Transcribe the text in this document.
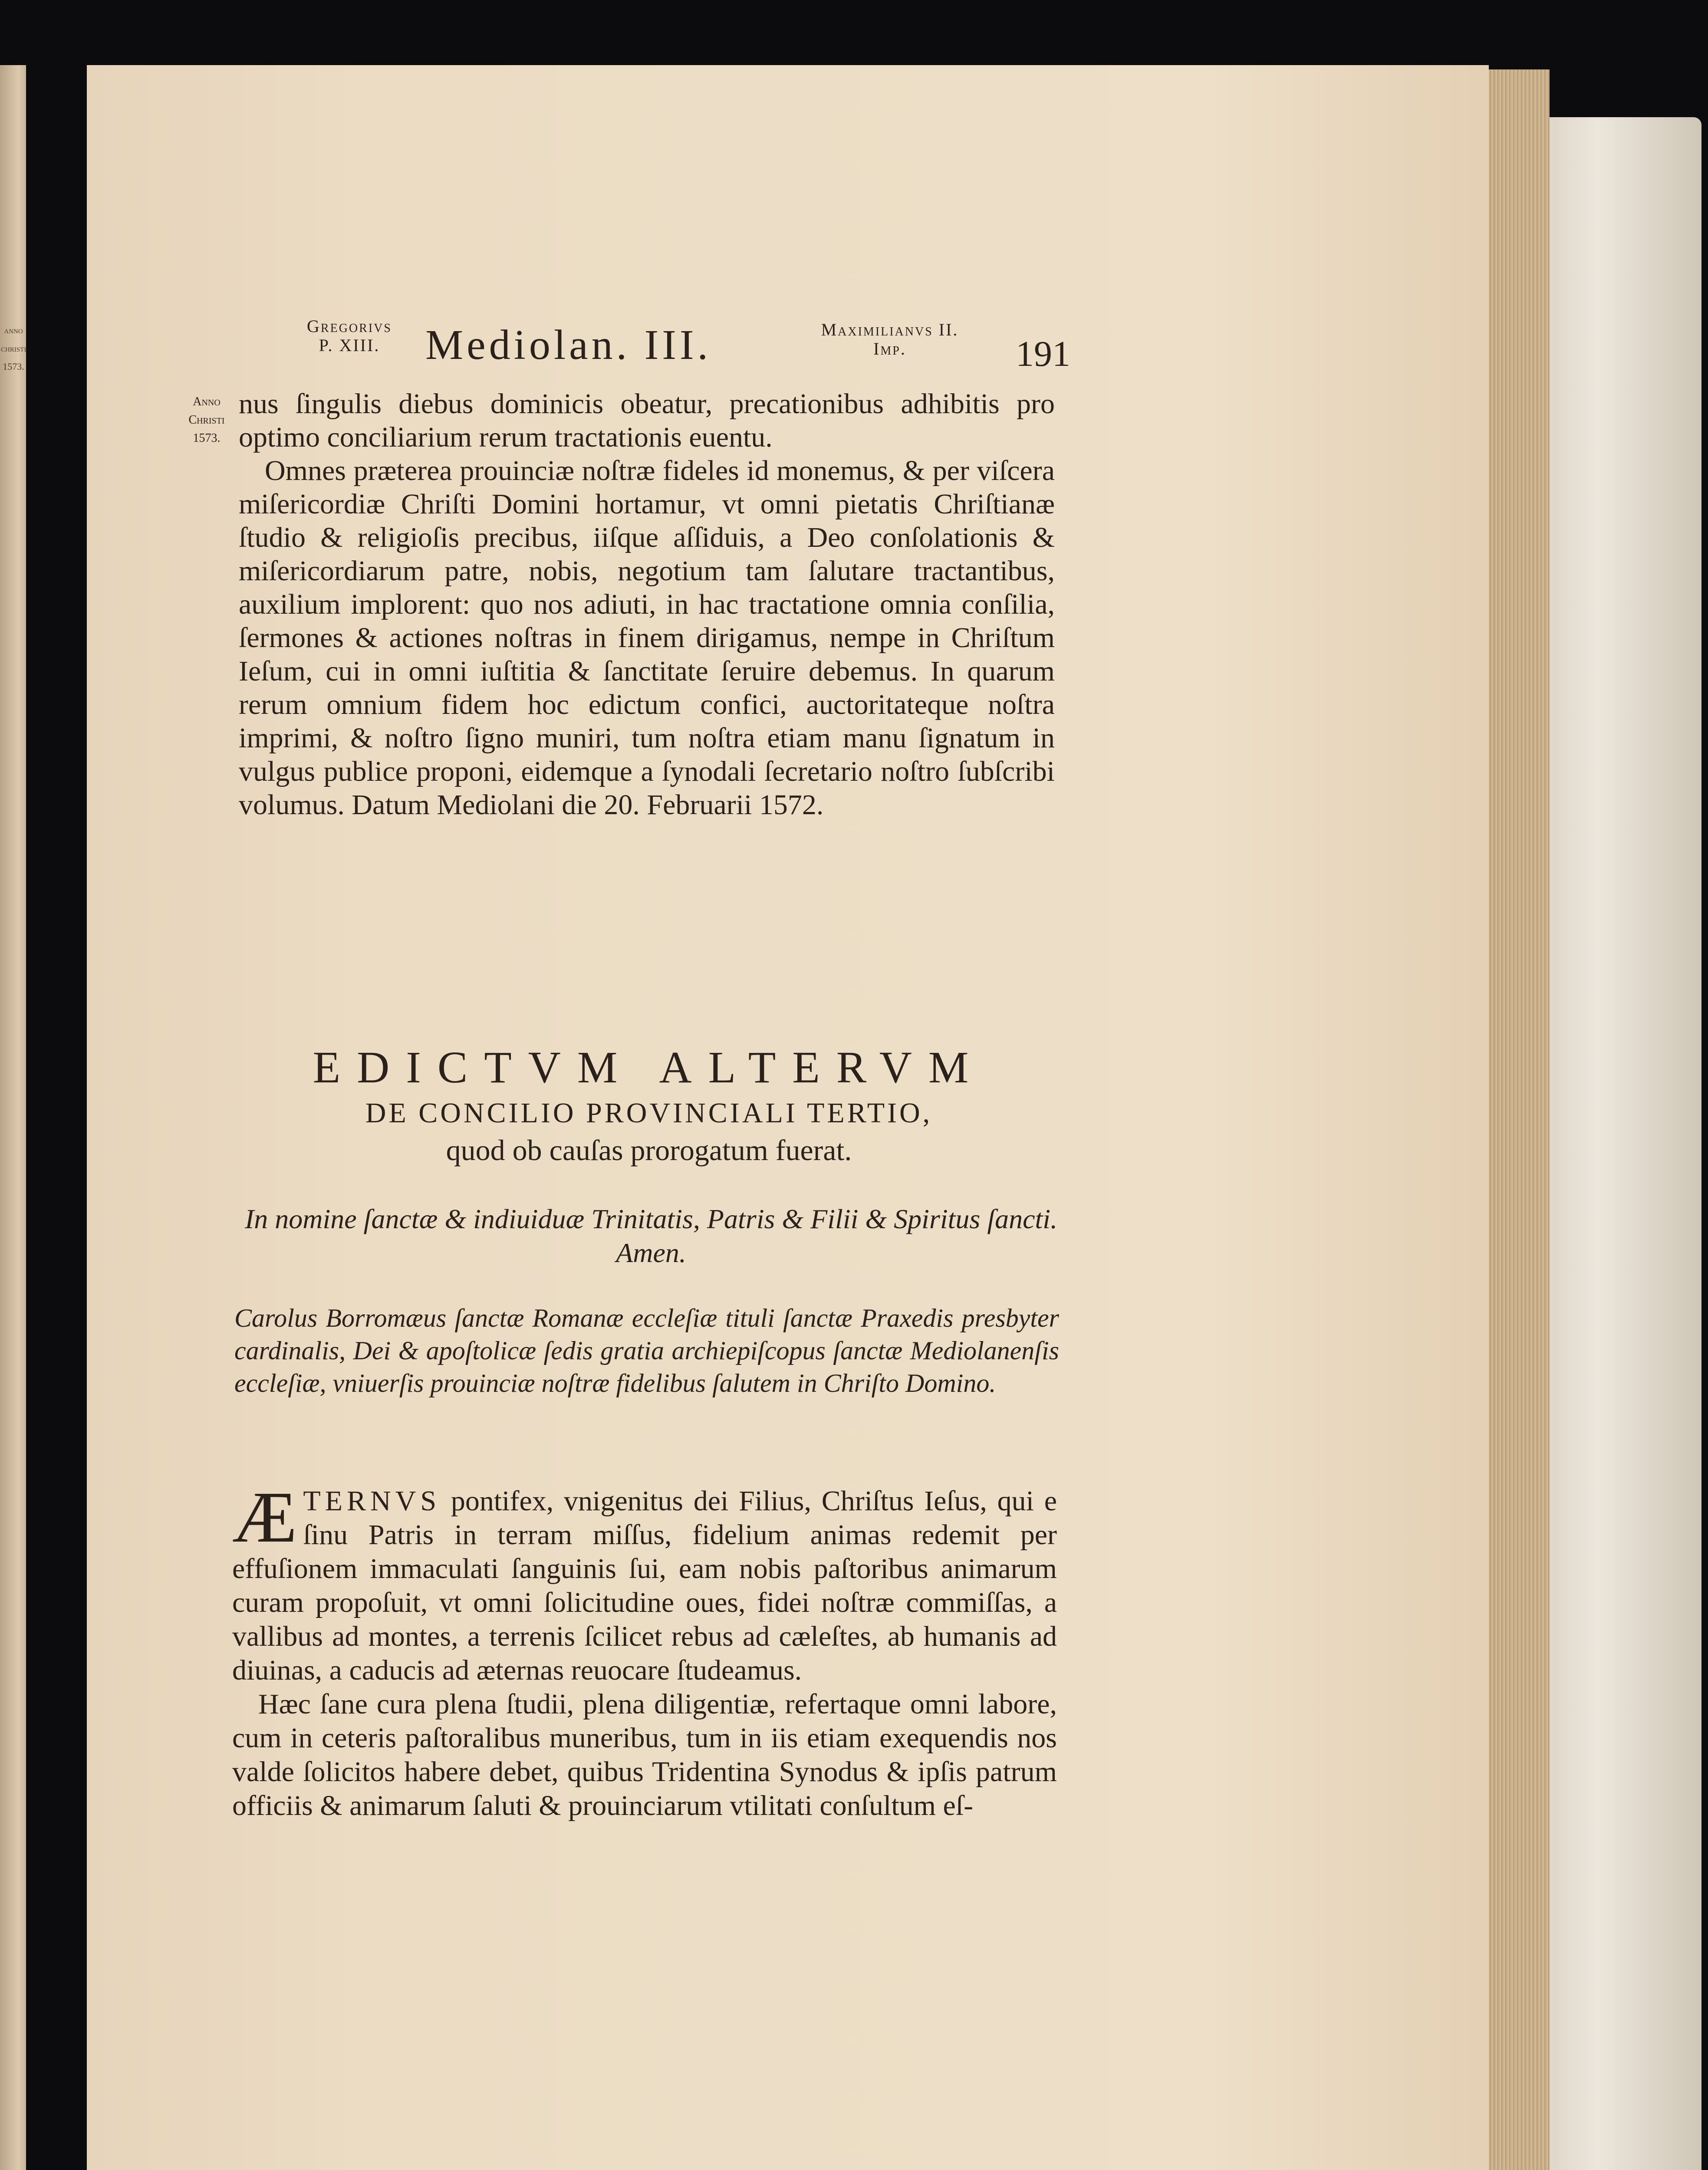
anno
christi
1573.
Gregorivs
P. XIII.	Mediolan. III.	Maximilianvs II.
Imp.	191
Anno
Christi
1573.

nus ſingulis diebus dominicis obeatur, precationibus adhibitis pro optimo conciliarium rerum tractationis euentu.

Omnes præterea prouinciæ noſtræ fideles id monemus, & per viſcera miſericordiæ Chriſti Domini hortamur, vt omni pietatis Chriſtianæ ſtudio & religioſis precibus, iiſque aſſiduis, a Deo conſolationis & miſericordiarum patre, nobis, negotium tam ſalutare tractantibus, auxilium implorent: quo nos adiuti, in hac tractatione omnia conſilia, ſermones & actiones noſtras in finem dirigamus, nempe in Chriſtum Ieſum, cui in omni iuſtitia & ſanctitate ſeruire debemus. In quarum rerum omnium fidem hoc edictum confici, auctoritateque noſtra imprimi, & noſtro ſigno muniri, tum noſtra etiam manu ſignatum in vulgus publice proponi, eidemque a ſynodali ſecretario noſtro ſubſcribi volumus. Datum Mediolani die 20. Februarii 1572.

EDICTVM ALTERVM
DE CONCILIO PROVINCIALI TERTIO,
quod ob cauſas prorogatum fuerat.
In nomine ſanctæ & indiuiduæ Trinitatis, Patris & Filii & Spiritus ſancti. Amen.
Carolus Borromæus ſanctæ Romanæ eccleſiæ tituli ſanctæ Praxedis presbyter cardinalis, Dei & apoſtolicæ ſedis gratia archiepiſcopus ſanctæ Mediolanenſis eccleſiæ, vniuerſis prouinciæ noſtræ fidelibus ſalutem in Chriſto Domino.

Æ TERNVS pontifex, vnigenitus dei Filius, Chriſtus Ieſus, qui e ſinu Patris in terram miſſus, fidelium animas redemit per effuſionem immaculati ſanguinis ſui, eam nobis paſtoribus animarum curam propoſuit, vt omni ſolicitudine oues, fidei noſtræ commiſſas, a vallibus ad montes, a terrenis ſcilicet rebus ad cæleſtes, ab humanis ad diuinas, a caducis ad æternas reuocare ſtudeamus.

Hæc ſane cura plena ſtudii, plena diligentiæ, refertaque omni labore, cum in ceteris paſtoralibus muneribus, tum in iis etiam exequendis nos valde ſolicitos habere debet, quibus Tridentina Synodus & ipſis patrum officiis & animarum ſaluti & prouinciarum vtilitati conſultum eſ-
